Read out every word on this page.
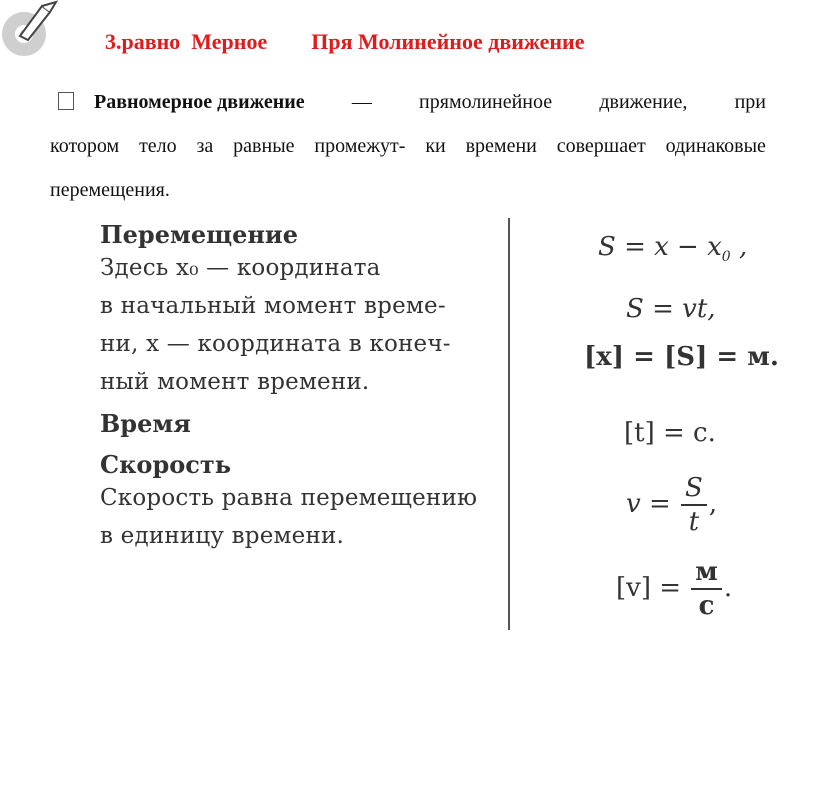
3.равно  Мерное Пря Молинейное движение

Равномерное движение — прямолинейное движение, при
котором тело за равные промежут- ки времени совершает одинаковые
перемещения.
Перемещение
Здесь x₀ — координата
в начальный момент време-
ни, x — координата в конеч-
ный момент времени.
Время
Скорость
Скорость равна перемещению
в единицу времени.
$S = x - x_0$ ,
S = vt,
[x] = [S] = м.
[t] = с.
$v = \frac{S}{t}$ ,
$[v] = \frac{м}{с}$ .
